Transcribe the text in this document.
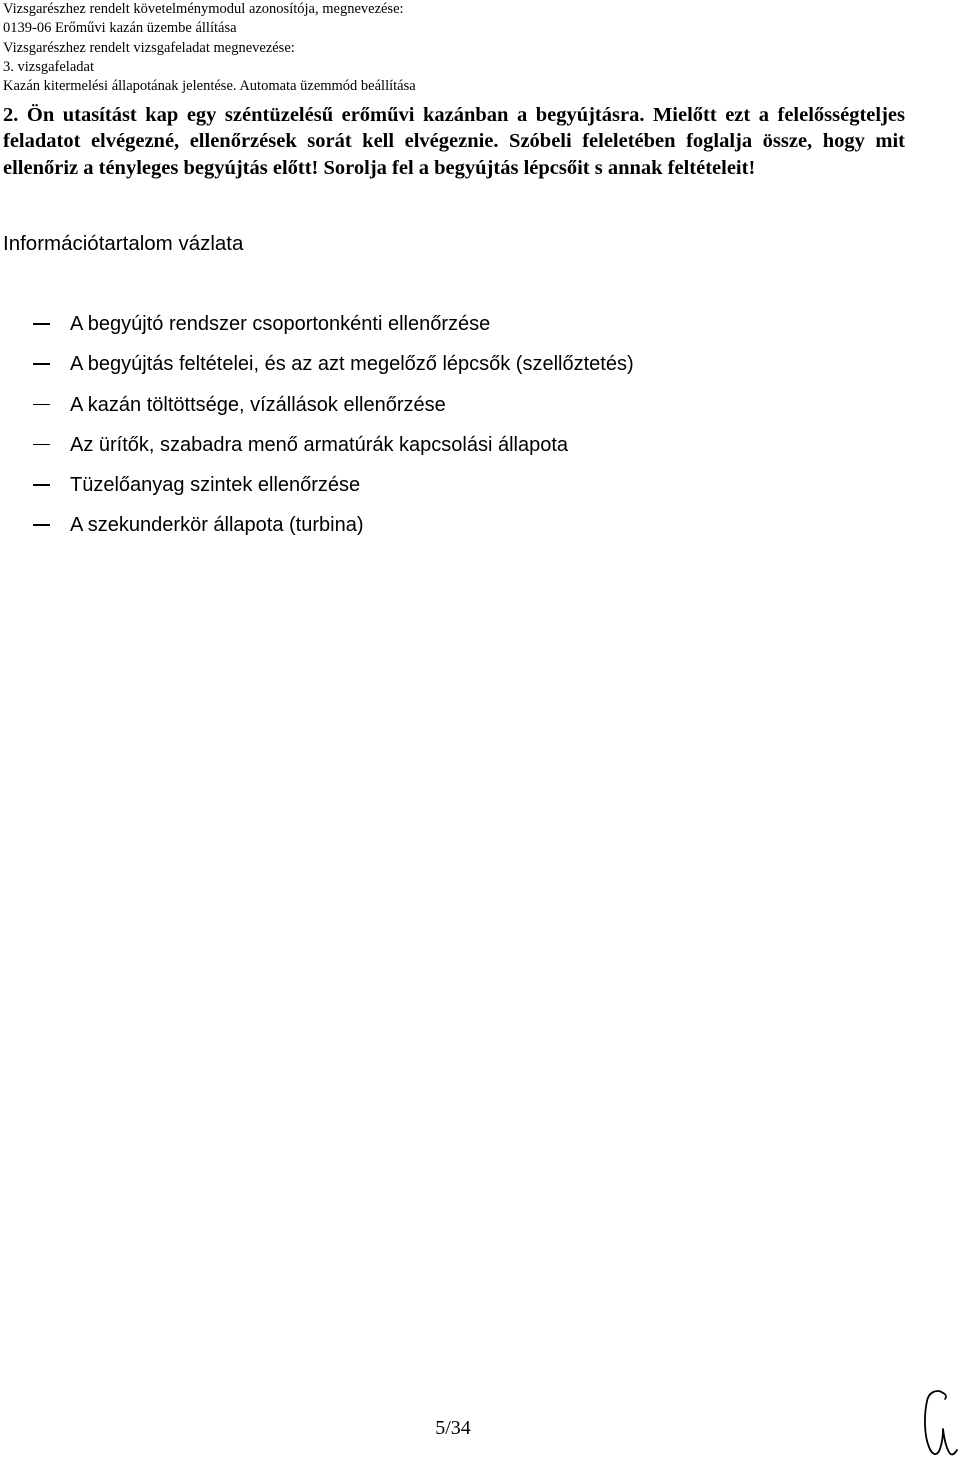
Vizsgarészhez rendelt követelménymodul azonosítója, megnevezése:
0139-06 Erőművi kazán üzembe állítása
Vizsgarészhez rendelt vizsgafeladat megnevezése:
3. vizsgafeladat
Kazán kitermelési állapotának jelentése. Automata üzemmód beállítása
2. Ön utasítást kap egy széntüzelésű erőművi kazánban a begyújtásra. Mielőtt ezt a felelősségteljes feladatot elvégezné, ellenőrzések sorát kell elvégeznie. Szóbeli feleletében foglalja össze, hogy mit ellenőriz a tényleges begyújtás előtt! Sorolja fel a begyújtás lépcsőit s annak feltételeit!
Információtartalom vázlata
A begyújtó rendszer csoportonkénti ellenőrzése
A begyújtás feltételei, és az azt megelőző lépcsők (szellőztetés)
A kazán töltöttsége, vízállások ellenőrzése
Az ürítők, szabadra menő armatúrák kapcsolási állapota
Tüzelőanyag szintek ellenőrzése
A szekunderkör állapota (turbina)
5/34
